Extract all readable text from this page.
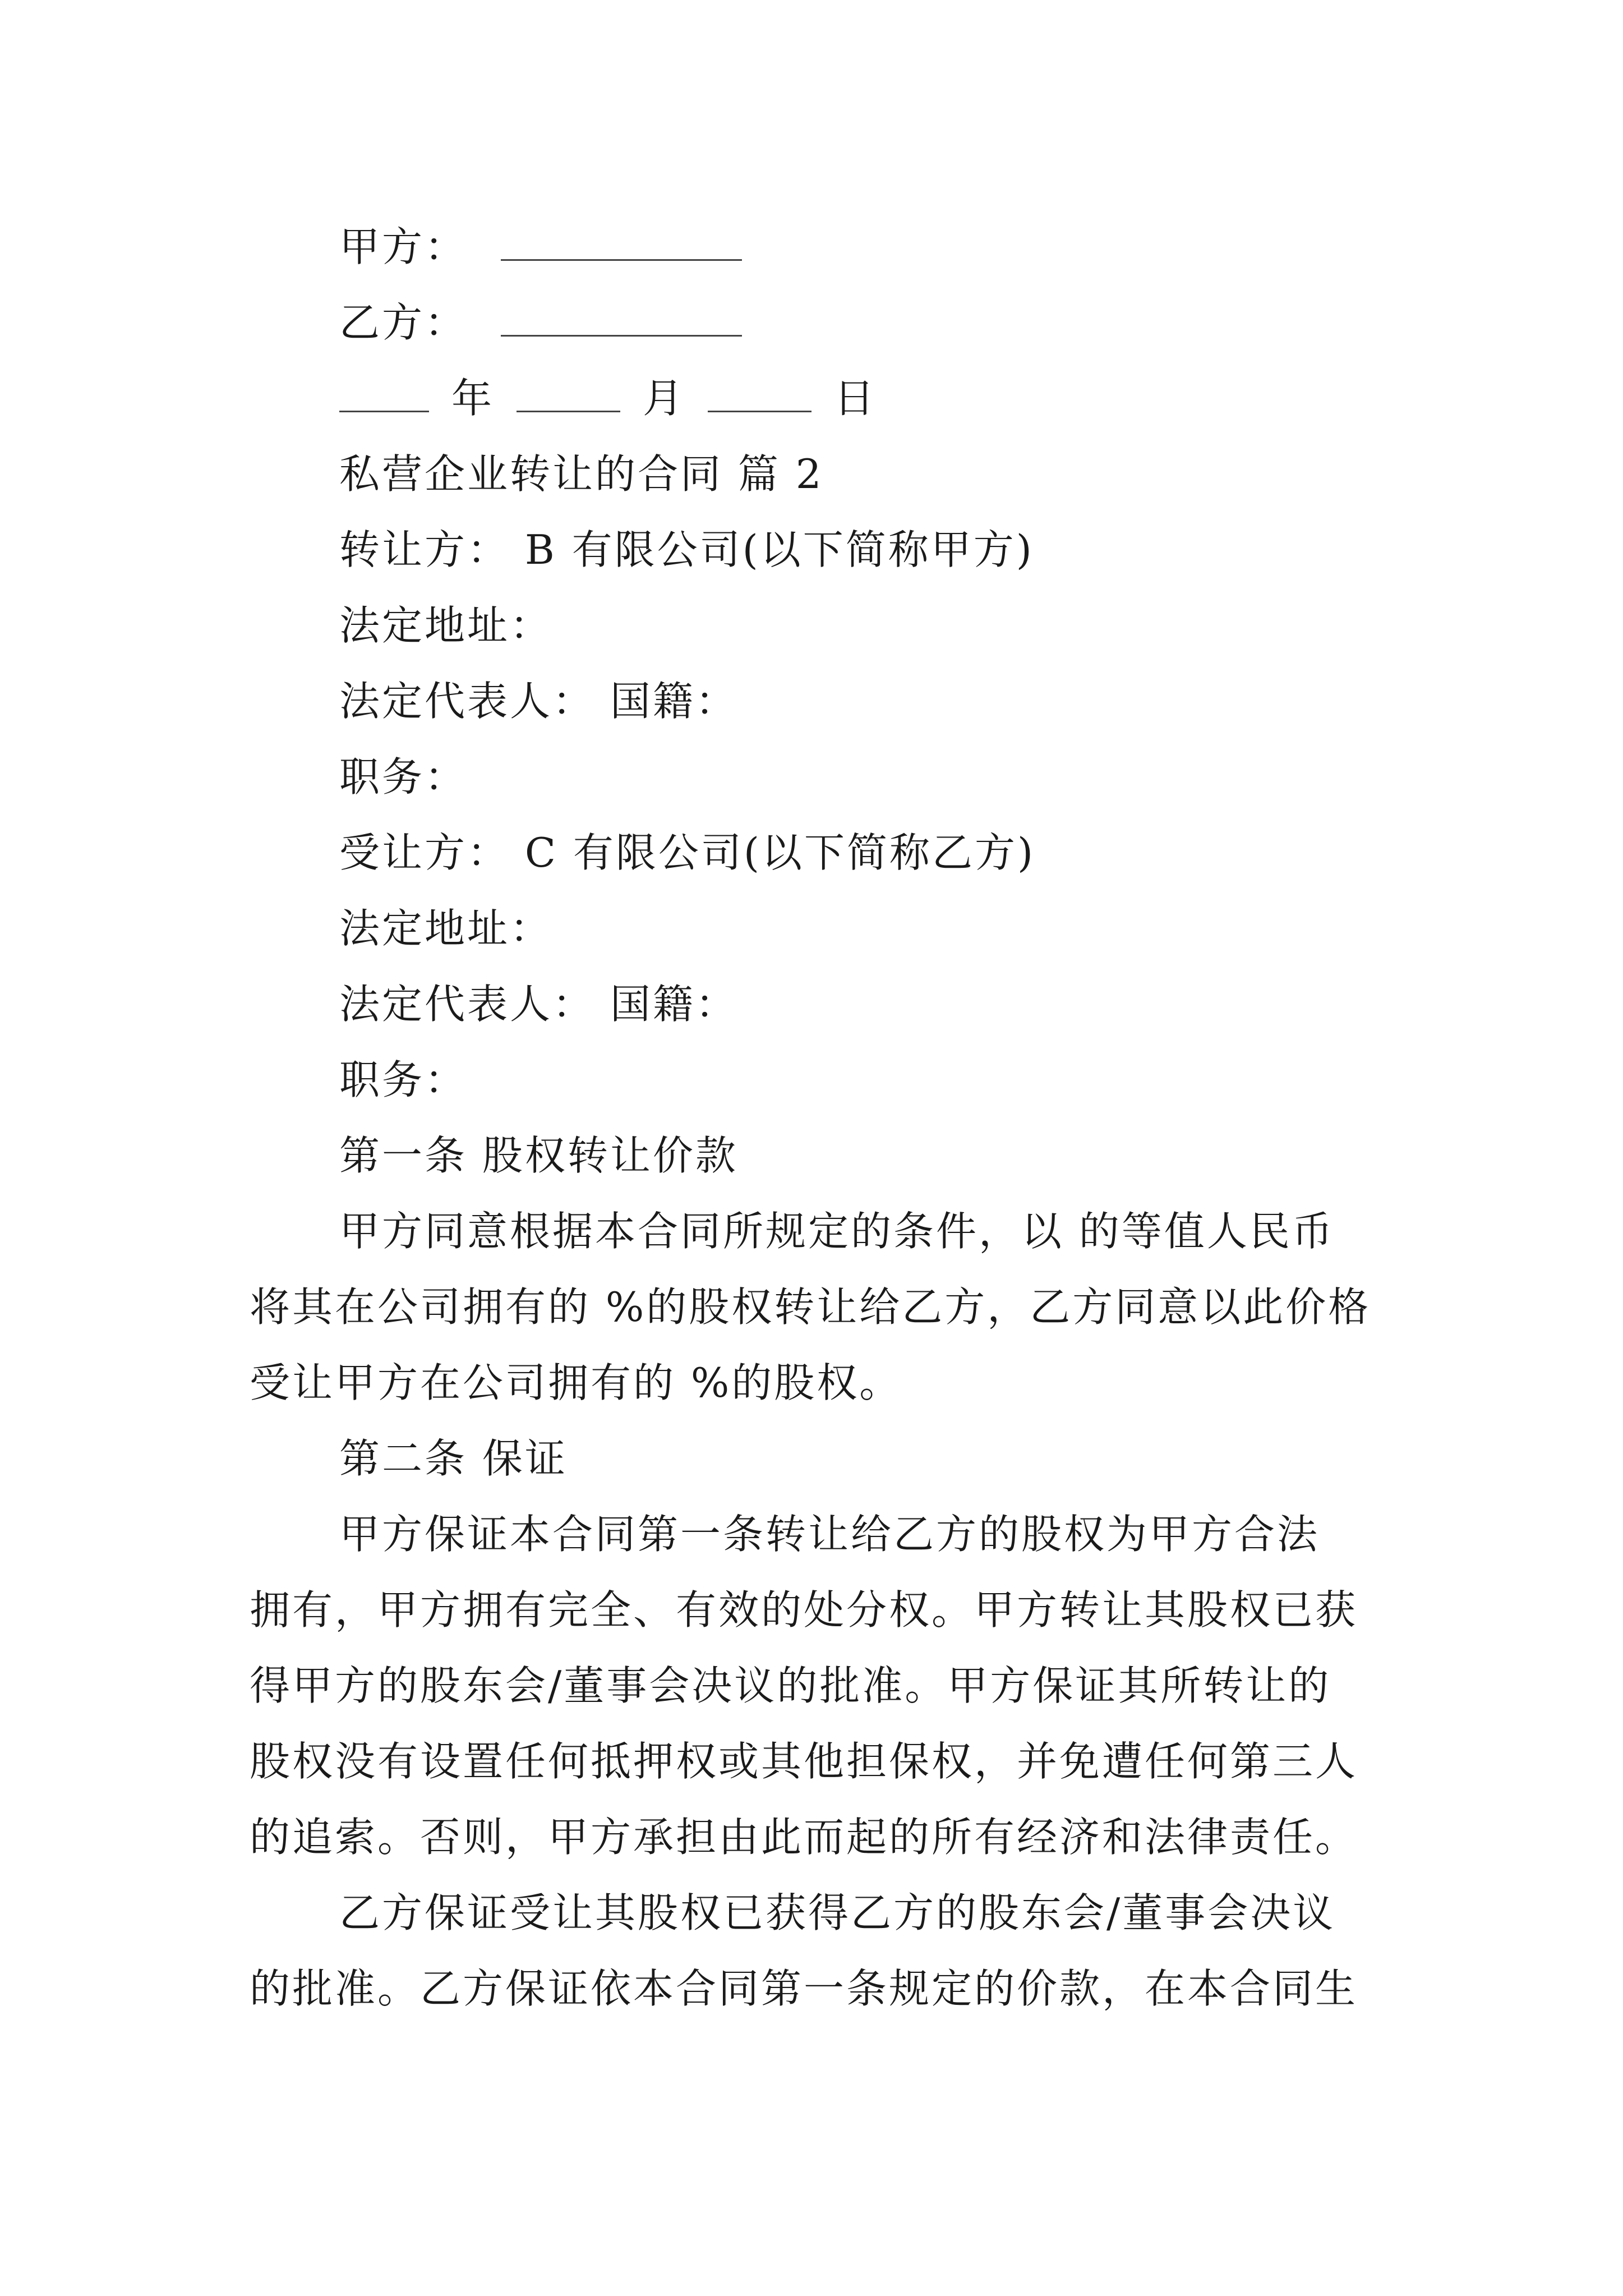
甲方：
乙方：
年	月	日
私营企业转让的合同 篇 2
转让方： B 有限公司(以下简称甲方)
法定地址：
法定代表人： 国籍：
职务：
受让方： C 有限公司(以下简称乙方)
法定地址：
法定代表人： 国籍：
职务：
第一条 股权转让价款
甲方同意根据本合同所规定的条件，以 的等值人民币
将其在公司拥有的 %的股权转让给乙方，乙方同意以此价格
受让甲方在公司拥有的 %的股权。
第二条 保证
甲方保证本合同第一条转让给乙方的股权为甲方合法
拥有，甲方拥有完全、有效的处分权。甲方转让其股权已获
得甲方的股东会/董事会决议的批准。甲方保证其所转让的
股权没有设置任何抵押权或其他担保权，并免遭任何第三人
的追索。否则，甲方承担由此而起的所有经济和法律责任。
乙方保证受让其股权已获得乙方的股东会/董事会决议
的批准。乙方保证依本合同第一条规定的价款，在本合同生
